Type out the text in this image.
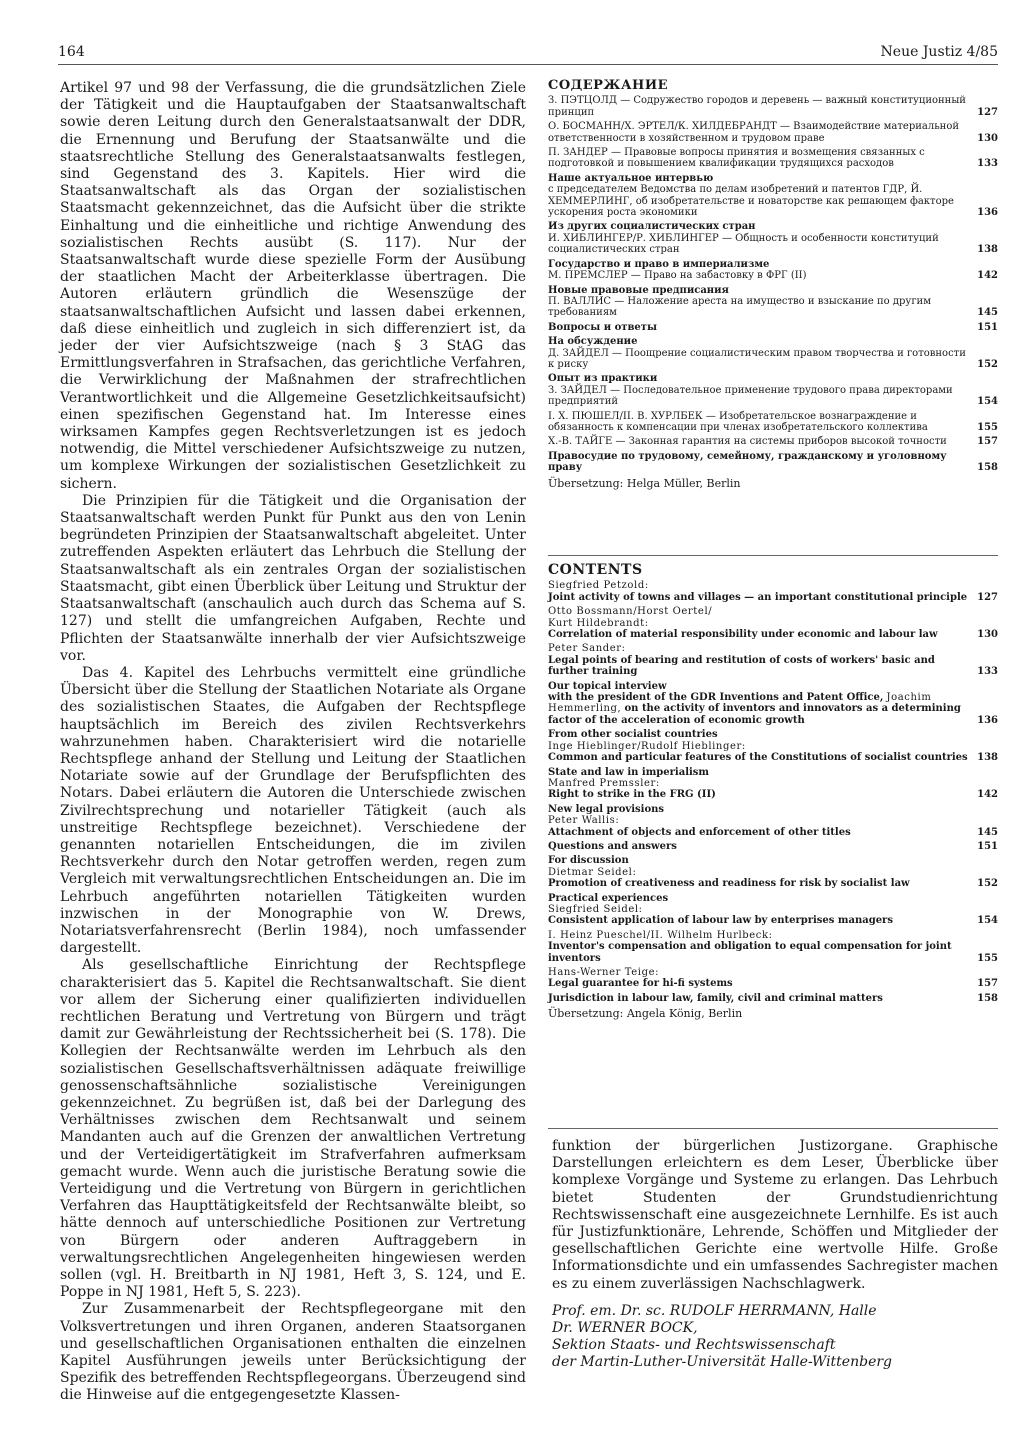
164	Neue Justiz 4/85

Artikel 97 und 98 der Verfassung, die die grundsätzlichen Ziele der Tätigkeit und die Hauptaufgaben der Staatsanwaltschaft sowie deren Leitung durch den Generalstaatsanwalt der DDR, die Ernennung und Berufung der Staatsanwälte und die staatsrechtliche Stellung des Generalstaatsanwalts festlegen, sind Gegenstand des 3. Kapitels. Hier wird die Staatsanwaltschaft als das Organ der sozialistischen Staatsmacht gekennzeichnet, das die Aufsicht über die strikte Einhaltung und die einheitliche und richtige Anwendung des sozialistischen Rechts ausübt (S. 117). Nur der Staatsanwaltschaft wurde diese spezielle Form der Ausübung der staatlichen Macht der Arbeiterklasse übertragen. Die Autoren erläutern gründlich die Wesenszüge der staatsanwaltschaftlichen Aufsicht und lassen dabei erkennen, daß diese einheitlich und zugleich in sich differenziert ist, da jeder der vier Aufsichtszweige (nach § 3 StAG das Ermittlungsverfahren in Strafsachen, das gerichtliche Verfahren, die Verwirklichung der Maßnahmen der strafrechtlichen Verantwortlichkeit und die Allgemeine Gesetzlichkeitsaufsicht) einen spezifischen Gegenstand hat. Im Interesse eines wirksamen Kampfes gegen Rechtsverletzungen ist es jedoch notwendig, die Mittel verschiedener Aufsichtszweige zu nutzen, um komplexe Wirkungen der sozialistischen Gesetzlichkeit zu sichern.

Die Prinzipien für die Tätigkeit und die Organisation der Staatsanwaltschaft werden Punkt für Punkt aus den von Lenin begründeten Prinzipien der Staatsanwaltschaft abgeleitet. Unter zutreffenden Aspekten erläutert das Lehrbuch die Stellung der Staatsanwaltschaft als ein zentrales Organ der sozialistischen Staatsmacht, gibt einen Überblick über Leitung und Struktur der Staatsanwaltschaft (anschaulich auch durch das Schema auf S. 127) und stellt die umfangreichen Aufgaben, Rechte und Pflichten der Staatsanwälte innerhalb der vier Aufsichtszweige vor.

Das 4. Kapitel des Lehrbuchs vermittelt eine gründliche Übersicht über die Stellung der Staatlichen Notariate als Organe des sozialistischen Staates, die Aufgaben der Rechtspflege hauptsächlich im Bereich des zivilen Rechtsverkehrs wahrzunehmen haben. Charakterisiert wird die notarielle Rechtspflege anhand der Stellung und Leitung der Staatlichen Notariate sowie auf der Grundlage der Berufspflichten des Notars. Dabei erläutern die Autoren die Unterschiede zwischen Zivilrechtsprechung und notarieller Tätigkeit (auch als unstreitige Rechtspflege bezeichnet). Verschiedene der genannten notariellen Entscheidungen, die im zivilen Rechtsverkehr durch den Notar getroffen werden, regen zum Vergleich mit verwaltungsrechtlichen Entscheidungen an. Die im Lehrbuch angeführten notariellen Tätigkeiten wurden inzwischen in der Monographie von W. Drews, Notariatsverfahrensrecht (Berlin 1984), noch umfassender dargestellt.

Als gesellschaftliche Einrichtung der Rechtspflege charakterisiert das 5. Kapitel die Rechtsanwaltschaft. Sie dient vor allem der Sicherung einer qualifizierten individuellen rechtlichen Beratung und Vertretung von Bürgern und trägt damit zur Gewährleistung der Rechtssicherheit bei (S. 178). Die Kollegien der Rechtsanwälte werden im Lehrbuch als den sozialistischen Gesellschaftsverhältnissen adäquate freiwillige genossenschaftsähnliche sozialistische Vereinigungen gekennzeichnet. Zu begrüßen ist, daß bei der Darlegung des Verhältnisses zwischen dem Rechtsanwalt und seinem Mandanten auch auf die Grenzen der anwaltlichen Vertretung und der Verteidigertätigkeit im Strafverfahren aufmerksam gemacht wurde. Wenn auch die juristische Beratung sowie die Verteidigung und die Vertretung von Bürgern in gerichtlichen Verfahren das Haupttätigkeitsfeld der Rechtsanwälte bleibt, so hätte dennoch auf unterschiedliche Positionen zur Vertretung von Bürgern oder anderen Auftraggebern in verwaltungsrechtlichen Angelegenheiten hingewiesen werden sollen (vgl. H. Breitbarth in NJ 1981, Heft 3, S. 124, und E. Poppe in NJ 1981, Heft 5, S. 223).

Zur Zusammenarbeit der Rechtspflegeorgane mit den Volksvertretungen und ihren Organen, anderen Staatsorganen und gesellschaftlichen Organisationen enthalten die einzelnen Kapitel Ausführungen jeweils unter Berücksichtigung der Spezifik des betreffenden Rechtspflegeorgans. Überzeugend sind die Hinweise auf die entgegengesetzte Klassen-

СОДЕРЖАНИЕ
З. ПЭТЦОЛД — Содружество городов и деревень — важный конституционный принцип	127
О. БОСМАНН/Х. ЭРТЕЛ/К. ХИЛДЕБРАНДТ — Взаимодействие материальной ответственности в хозяйственном и трудовом праве	130
П. ЗАНДЕР — Правовые вопросы принятия и возмещения связанных с подготовкой и повышением квалификации трудящихся расходов	133
Наше актуальное интервью
с председателем Ведомства по делам изобретений и патентов ГДР, Й. ХЕММЕРЛИНГ, об изобретательстве и новаторстве как решающем факторе ускорения роста экономики	136
Из других социалистических стран
И. ХИБЛИНГЕР/Р. ХИБЛИНГЕР — Общность и особенности конституций социалистических стран	138
Государство и право в империализме
М. ПРЕМСЛЕР — Право на забастовку в ФРГ (II)	142
Новые правовые предписания
П. ВАЛЛИС — Наложение ареста на имущество и взыскание по другим требованиям	145
Вопросы и ответы	151
На обсуждение
Д. ЗАЙДЕЛ — Поощрение социалистическим правом творчества и готовности к риску	152
Опыт из практики
З. ЗАЙДЕЛ — Последовательное применение трудового права директорами предприятий	154
I. Х. ПЮШЕЛ/II. В. ХУРЛБЕК — Изобретательское вознаграждение и обязанность к компенсации при членах изобретательского коллектива	155
Х.-В. ТАЙГЕ — Законная гарантия на системы приборов высокой точности	157
Правосудие по трудовому, семейному, гражданскому и уголовному праву	158
Übersetzung: Helga Müller, Berlin
CONTENTS
Siegfried Petzold:
Joint activity of towns and villages — an important constitutional principle 127
Otto Bossmann/Horst Oertel/
Kurt Hildebrandt:
Correlation of material responsibility under economic and labour law	130
Peter Sander:
Legal points of bearing and restitution of costs of workers' basic and further training	133
Our topical interview
with the president of the GDR Inventions and Patent Office, Joachim Hemmerling, on the activity of inventors and innovators as a determining factor of the acceleration of economic growth	136
From other socialist countries
Inge Hieblinger/Rudolf Hieblinger:
Common and particular features of the Constitutions of socialist countries 138
State and law in imperialism
Manfred Premssler:
Right to strike in the FRG (II)	142
New legal provisions
Peter Wallis:
Attachment of objects and enforcement of other titles	145
Questions and answers	151
For discussion
Dietmar Seidel:
Promotion of creativeness and readiness for risk by socialist law	152
Practical experiences
Siegfried Seidel:
Consistent application of labour law by enterprises managers	154
I. Heinz Pueschel/II. Wilhelm Hurlbeck:
Inventor's compensation and obligation to equal compensation for joint inventors	155
Hans-Werner Teige:
Legal guarantee for hi-fi systems	157
Jurisdiction in labour law, family, civil and criminal matters	158
Übersetzung: Angela König, Berlin

funktion der bürgerlichen Justizorgane. Graphische Darstellungen erleichtern es dem Leser, Überblicke über komplexe Vorgänge und Systeme zu erlangen. Das Lehrbuch bietet Studenten der Grundstudienrichtung Rechtswissenschaft eine ausgezeichnete Lernhilfe. Es ist auch für Justizfunktionäre, Lehrende, Schöffen und Mitglieder der gesellschaftlichen Gerichte eine wertvolle Hilfe. Große Informationsdichte und ein umfassendes Sachregister machen es zu einem zuverlässigen Nachschlagwerk.

Prof. em. Dr. sc. RUDOLF HERRMANN, Halle
Dr. WERNER BOCK,
Sektion Staats- und Rechtswissenschaft
der Martin-Luther-Universität Halle-Wittenberg
